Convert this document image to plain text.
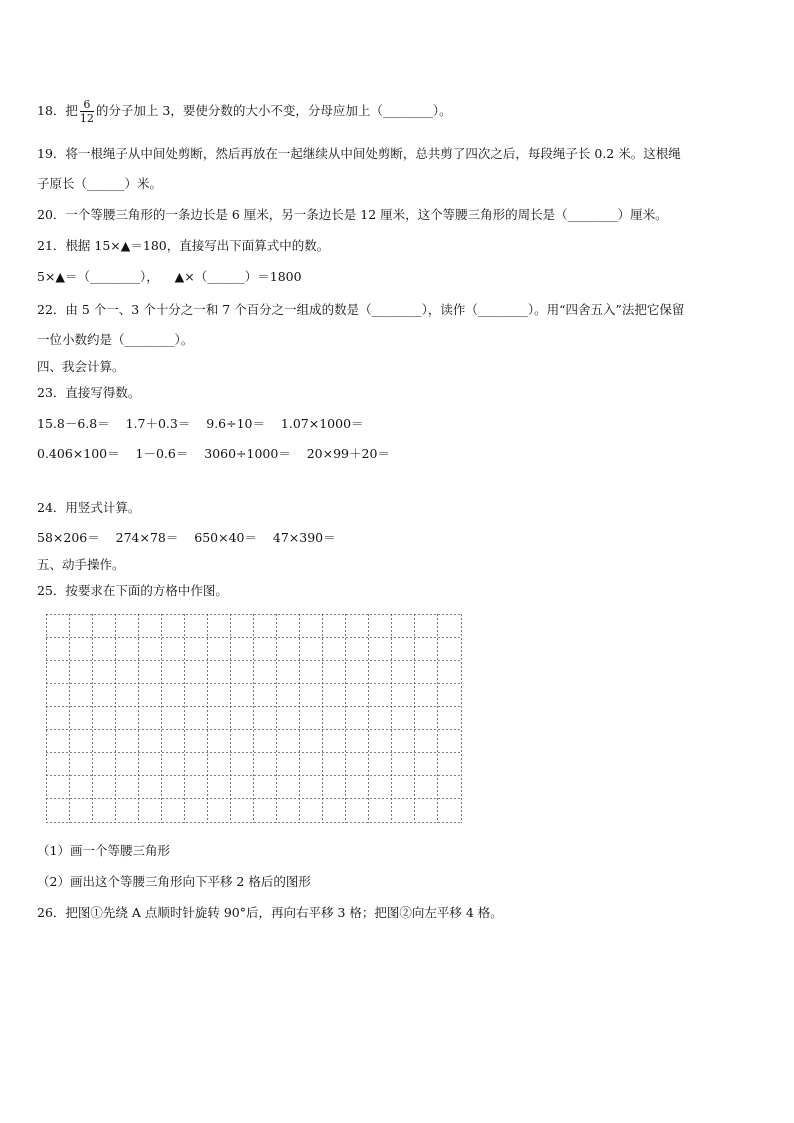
18．把 $\frac{6}{12}$ 的分子加上 3，要使分数的大小不变，分母应加上（________）。
19．将一根绳子从中间处剪断，然后再放在一起继续从中间处剪断，总共剪了四次之后，每段绳子长 0.2 米。这根绳
子原长（______）米。
20．一个等腰三角形的一条边长是 6 厘米，另一条边长是 12 厘米，这个等腰三角形的周长是（________）厘米。
21．根据 15×▲＝180，直接写出下面算式中的数。
5×▲＝（________），    ▲×（______）＝1800
22．由 5 个一、3 个十分之一和 7 个百分之一组成的数是（________），读作（________）。用“四舍五入”法把它保留
一位小数约是（________）。
四、我会计算。
23．直接写得数。
15.8－6.8＝    1.7＋0.3＝    9.6÷10＝    1.07×1000＝
0.406×100＝    1－0.6＝    3060÷1000＝    20×99＋20＝
24．用竖式计算。
58×206＝    274×78＝    650×40＝    47×390＝
五、动手操作。
25．按要求在下面的方格中作图。
（1）画一个等腰三角形
（2）画出这个等腰三角形向下平移 2 格后的图形
26．把图①先绕 A 点顺时针旋转 90°后，再向右平移 3 格；把图②向左平移 4 格。
